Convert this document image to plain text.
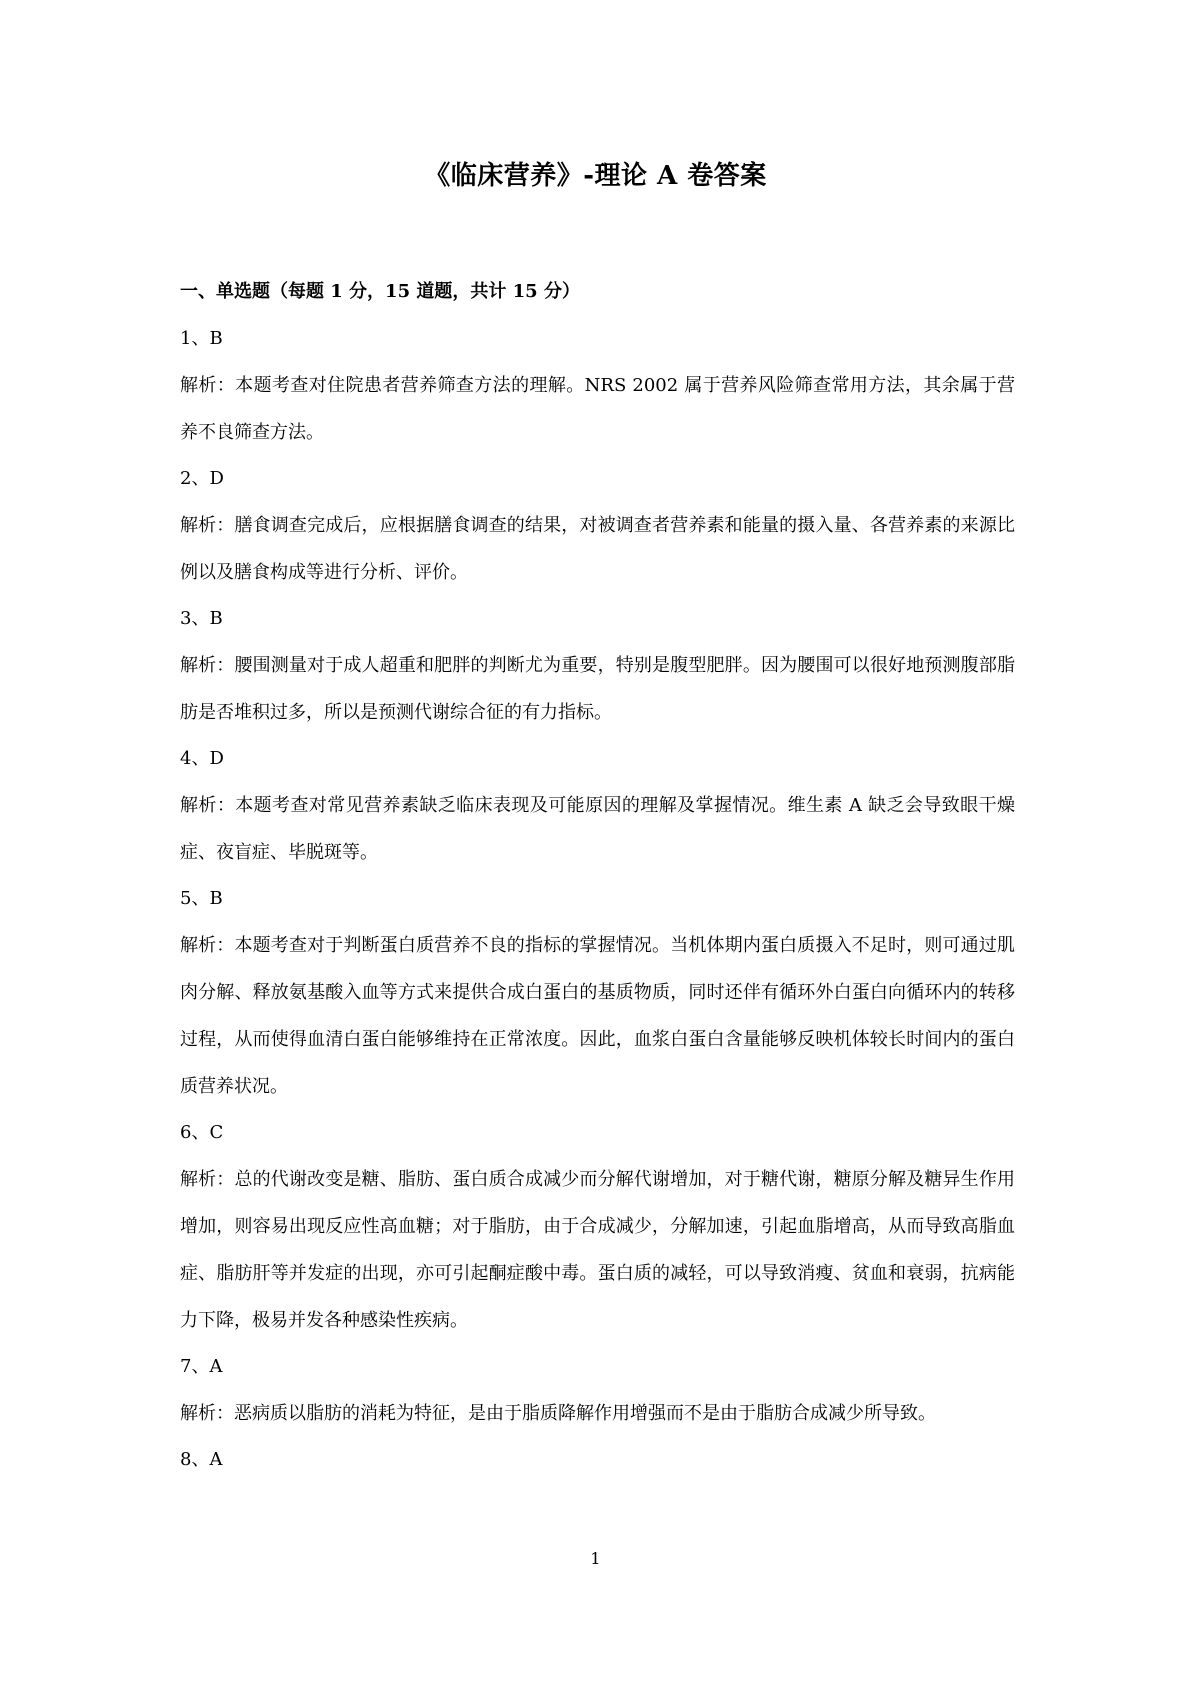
《临床营养》-理论 A 卷答案
一、单选题（每题 1 分，15 道题，共计 15 分）
1、B
解析：本题考查对住院患者营养筛查方法的理解。NRS 2002 属于营养风险筛查常用方法，其余属于营养不良筛查方法。
2、D
解析：膳食调查完成后，应根据膳食调查的结果，对被调查者营养素和能量的摄入量、各营养素的来源比例以及膳食构成等进行分析、评价。
3、B
解析：腰围测量对于成人超重和肥胖的判断尤为重要，特别是腹型肥胖。因为腰围可以很好地预测腹部脂肪是否堆积过多，所以是预测代谢综合征的有力指标。
4、D
解析：本题考查对常见营养素缺乏临床表现及可能原因的理解及掌握情况。维生素 A 缺乏会导致眼干燥症、夜盲症、毕脱斑等。
5、B
解析：本题考查对于判断蛋白质营养不良的指标的掌握情况。当机体期内蛋白质摄入不足时，则可通过肌肉分解、释放氨基酸入血等方式来提供合成白蛋白的基质物质，同时还伴有循环外白蛋白向循环内的转移过程，从而使得血清白蛋白能够维持在正常浓度。因此，血浆白蛋白含量能够反映机体较长时间内的蛋白质营养状况。
6、C
解析：总的代谢改变是糖、脂肪、蛋白质合成减少而分解代谢增加，对于糖代谢，糖原分解及糖异生作用增加，则容易出现反应性高血糖；对于脂肪，由于合成减少，分解加速，引起血脂增高，从而导致高脂血症、脂肪肝等并发症的出现，亦可引起酮症酸中毒。蛋白质的减轻，可以导致消瘦、贫血和衰弱，抗病能力下降，极易并发各种感染性疾病。
7、A
解析：恶病质以脂肪的消耗为特征，是由于脂质降解作用增强而不是由于脂肪合成减少所导致。
8、A
1
